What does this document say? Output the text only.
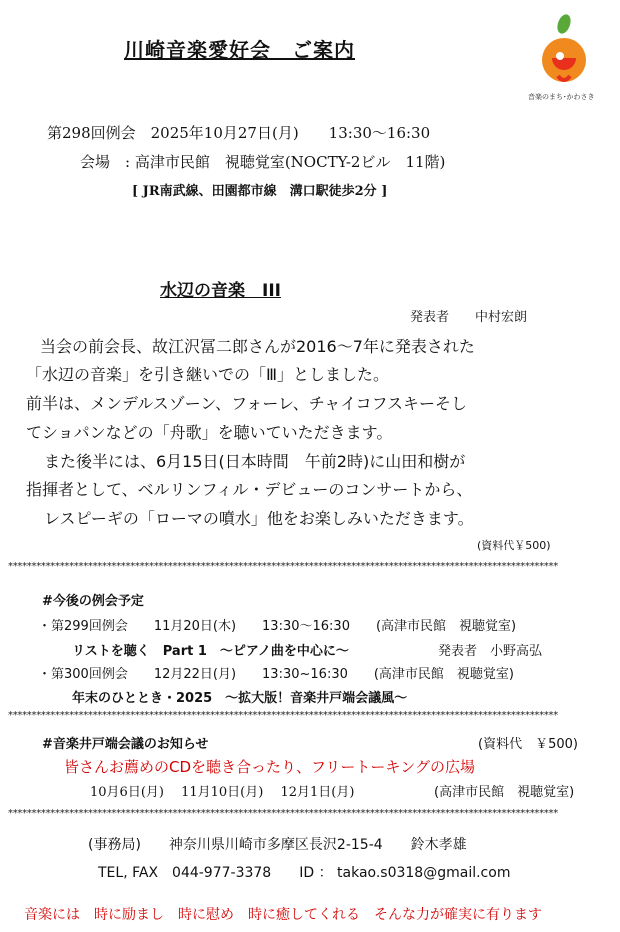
川崎音楽愛好会　ご案内
音楽のまち･かわさき
第298回例会　2025年10月27日(月)　　13:30〜16:30
会場　: 高津市民館　視聴覚室(NOCTY-2ビル　11階)
[ JR南武線、田園都市線　溝口駅徒歩2分 ]
水辺の音楽　III
発表者　　中村宏朗
当会の前会長、故江沢冨二郎さんが2016〜7年に発表された
「水辺の音楽」を引き継いでの「Ⅲ」としました。
前半は、メンデルスゾーン、フォーレ、チャイコフスキーそし
てショパンなどの「舟歌」を聴いていただきます。
また後半には、6月15日(日本時間　午前2時)に山田和樹が
指揮者として、ベルリンフィル・デビューのコンサートから、
レスピーギの「ローマの噴水」他をお楽しみいただきます。
(資料代￥500)
*********************************************************************************************************************
#今後の例会予定
・第299回例会　　11月20日(木)　　13:30〜16:30　　(高津市民館　視聴覚室)
リストを聴く　Part 1　〜ピアノ曲を中心に〜	発表者　小野高弘
・第300回例会　　12月22日(月)　　13:30~16:30　　(高津市民館　視聴覚室)
年末のひととき・2025　〜拡大版！音楽井戸端会議風〜
*********************************************************************************************************************
#音楽井戸端会議のお知らせ	(資料代　￥500)
皆さんお薦めのCDを聴き合ったり、フリートーキングの広場
10月6日(月)　 11月10日(月)　 12月1日(月)	(高津市民館　視聴覚室)
*********************************************************************************************************************
(事務局)　　神奈川県川崎市多摩区長沢2-15-4　　鈴木孝雄
TEL, FAX　044-977-3378　　ID ： takao.s0318@gmail.com
音楽には　時に励まし　時に慰め　時に癒してくれる　そんな力が確実に有ります
